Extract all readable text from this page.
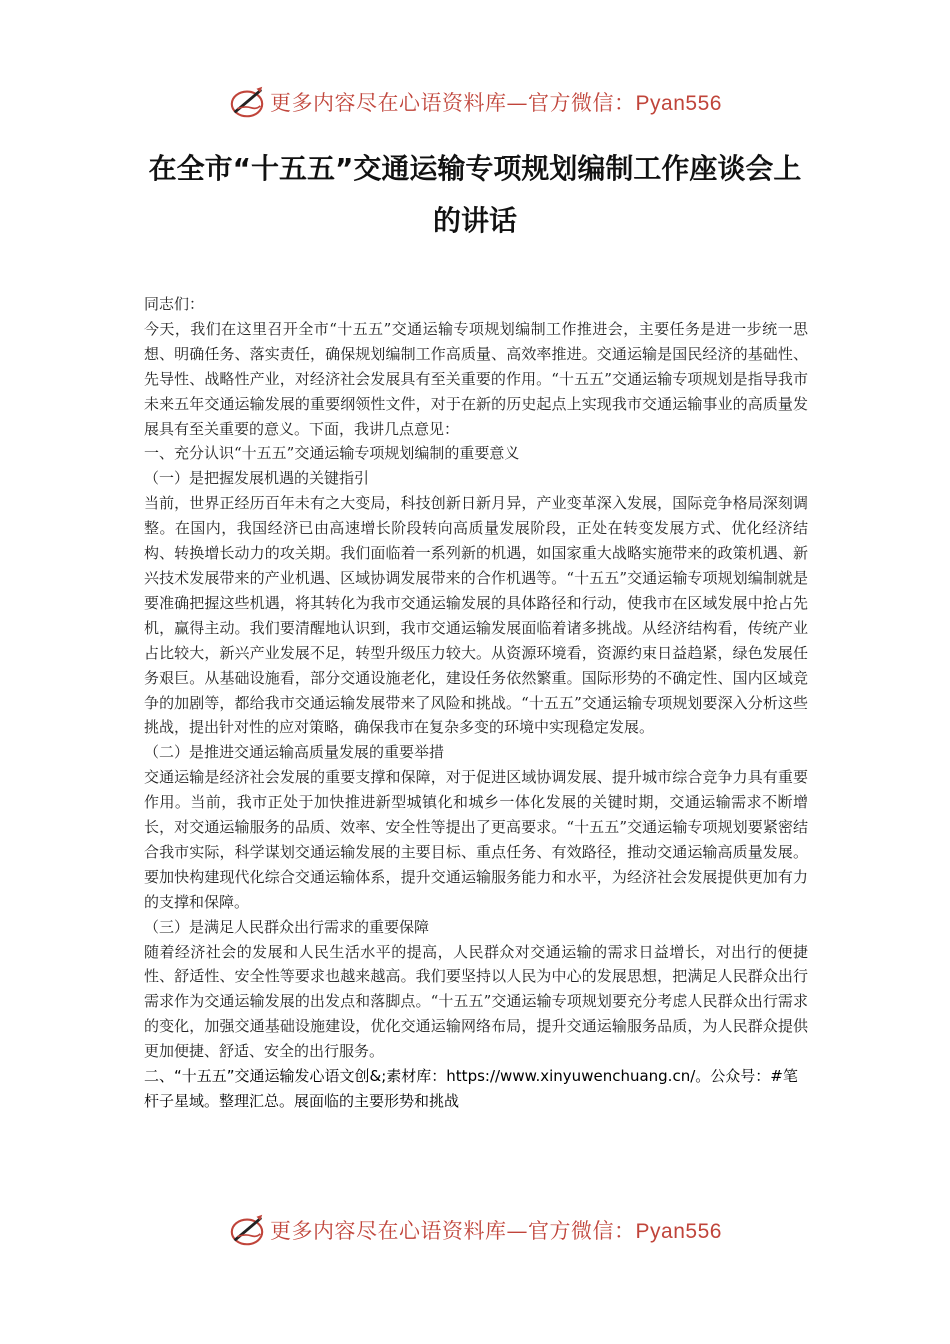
更多内容尽在心语资料库—官方微信：Pyan556
在全市“十五五”交通运输专项规划编制工作座谈会上的讲话

同志们：

今天，我们在这里召开全市“十五五”交通运输专项规划编制工作推进会，主要任务是进一步统一思想、明确任务、落实责任，确保规划编制工作高质量、高效率推进。交通运输是国民经济的基础性、先导性、战略性产业，对经济社会发展具有至关重要的作用。“十五五”交通运输专项规划是指导我市未来五年交通运输发展的重要纲领性文件，对于在新的历史起点上实现我市交通运输事业的高质量发展具有至关重要的意义。下面，我讲几点意见：

一、充分认识“十五五”交通运输专项规划编制的重要意义

（一）是把握发展机遇的关键指引

当前，世界正经历百年未有之大变局，科技创新日新月异，产业变革深入发展，国际竞争格局深刻调整。在国内，我国经济已由高速增长阶段转向高质量发展阶段，正处在转变发展方式、优化经济结构、转换增长动力的攻关期。我们面临着一系列新的机遇，如国家重大战略实施带来的政策机遇、新兴技术发展带来的产业机遇、区域协调发展带来的合作机遇等。“十五五”交通运输专项规划编制就是要准确把握这些机遇，将其转化为我市交通运输发展的具体路径和行动，使我市在区域发展中抢占先机，赢得主动。我们要清醒地认识到，我市交通运输发展面临着诸多挑战。从经济结构看，传统产业占比较大，新兴产业发展不足，转型升级压力较大。从资源环境看，资源约束日益趋紧，绿色发展任务艰巨。从基础设施看，部分交通设施老化，建设任务依然繁重。国际形势的不确定性、国内区域竞争的加剧等，都给我市交通运输发展带来了风险和挑战。“十五五”交通运输专项规划要深入分析这些挑战，提出针对性的应对策略，确保我市在复杂多变的环境中实现稳定发展。

（二）是推进交通运输高质量发展的重要举措

交通运输是经济社会发展的重要支撑和保障，对于促进区域协调发展、提升城市综合竞争力具有重要作用。当前，我市正处于加快推进新型城镇化和城乡一体化发展的关键时期，交通运输需求不断增长，对交通运输服务的品质、效率、安全性等提出了更高要求。“十五五”交通运输专项规划要紧密结合我市实际，科学谋划交通运输发展的主要目标、重点任务、有效路径，推动交通运输高质量发展。要加快构建现代化综合交通运输体系，提升交通运输服务能力和水平，为经济社会发展提供更加有力的支撑和保障。

（三）是满足人民群众出行需求的重要保障

随着经济社会的发展和人民生活水平的提高，人民群众对交通运输的需求日益增长，对出行的便捷性、舒适性、安全性等要求也越来越高。我们要坚持以人民为中心的发展思想，把满足人民群众出行需求作为交通运输发展的出发点和落脚点。“十五五”交通运输专项规划要充分考虑人民群众出行需求的变化，加强交通基础设施建设，优化交通运输网络布局，提升交通运输服务品质，为人民群众提供更加便捷、舒适、安全的出行服务。

二、“十五五”交通运输发心语文创&;素材库：https://www.xinyuwenchuang.cn/。公众号：#笔杆子星域。整理汇总。展面临的主要形势和挑战

更多内容尽在心语资料库—官方微信：Pyan556
